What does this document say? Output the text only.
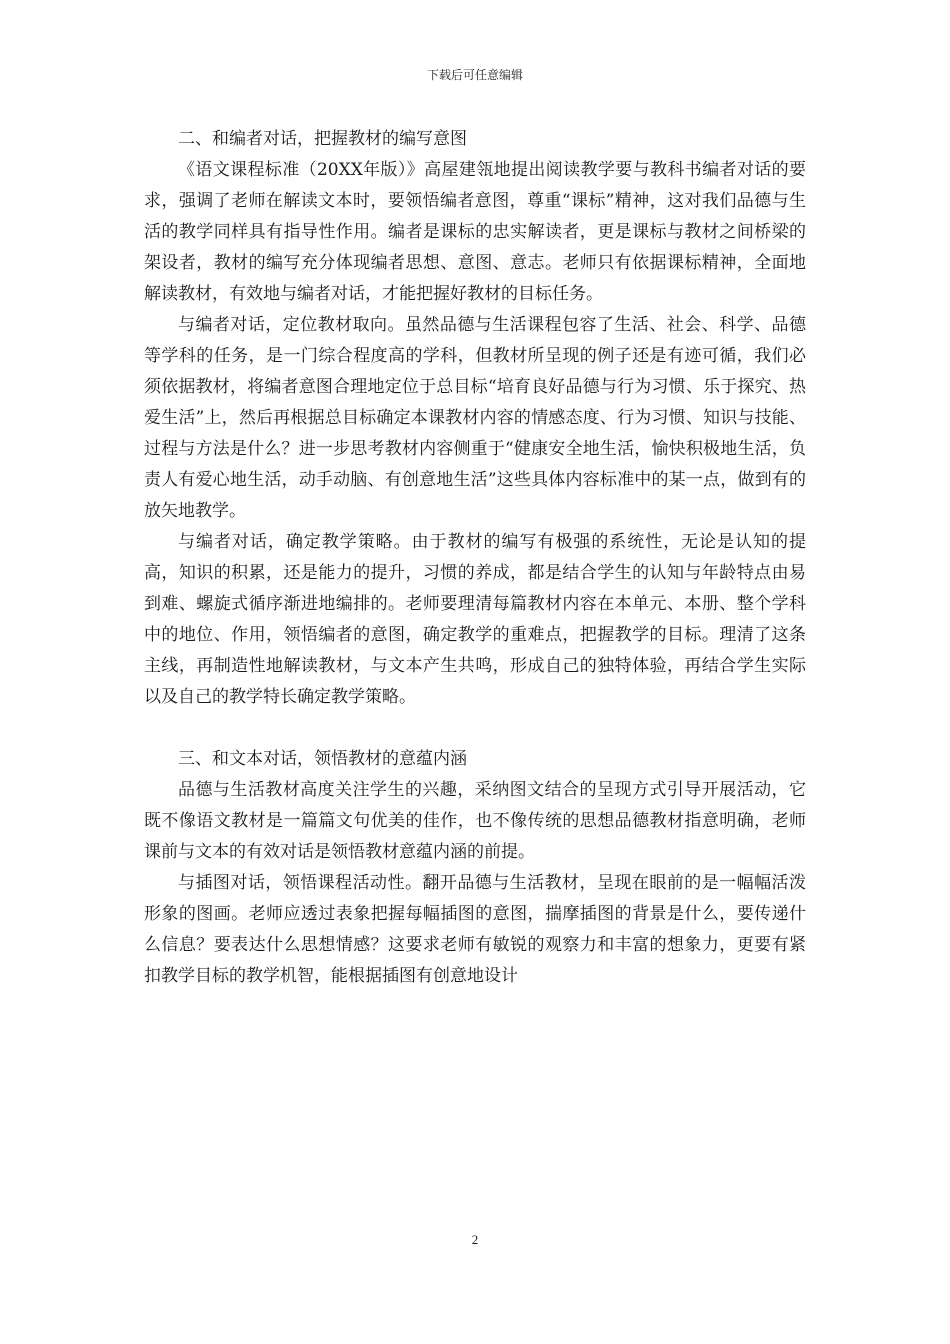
下载后可任意编辑

二、和编者对话，把握教材的编写意图

《语文课程标准（20XX年版）》高屋建瓴地提出阅读教学要与教科书编者对话的要求，强调了老师在解读文本时，要领悟编者意图，尊重“课标”精神，这对我们品德与生活的教学同样具有指导性作用。编者是课标的忠实解读者，更是课标与教材之间桥梁的架设者，教材的编写充分体现编者思想、意图、意志。老师只有依据课标精神，全面地解读教材，有效地与编者对话，才能把握好教材的目标任务。

与编者对话，定位教材取向。虽然品德与生活课程包容了生活、社会、科学、品德等学科的任务，是一门综合程度高的学科，但教材所呈现的例子还是有迹可循，我们必须依据教材，将编者意图合理地定位于总目标“培育良好品德与行为习惯、乐于探究、热爱生活”上，然后再根据总目标确定本课教材内容的情感态度、行为习惯、知识与技能、过程与方法是什么？进一步思考教材内容侧重于“健康安全地生活，愉快积极地生活，负责人有爱心地生活，动手动脑、有创意地生活”这些具体内容标准中的某一点，做到有的放矢地教学。

与编者对话，确定教学策略。由于教材的编写有极强的系统性，无论是认知的提高，知识的积累，还是能力的提升，习惯的养成，都是结合学生的认知与年龄特点由易到难、螺旋式循序渐进地编排的。老师要理清每篇教材内容在本单元、本册、整个学科中的地位、作用，领悟编者的意图，确定教学的重难点，把握教学的目标。理清了这条主线，再制造性地解读教材，与文本产生共鸣，形成自己的独特体验，再结合学生实际以及自己的教学特长确定教学策略。

三、和文本对话，领悟教材的意蕴内涵

品德与生活教材高度关注学生的兴趣，采纳图文结合的呈现方式引导开展活动，它既不像语文教材是一篇篇文句优美的佳作，也不像传统的思想品德教材指意明确，老师课前与文本的有效对话是领悟教材意蕴内涵的前提。

与插图对话，领悟课程活动性。翻开品德与生活教材，呈现在眼前的是一幅幅活泼形象的图画。老师应透过表象把握每幅插图的意图，揣摩插图的背景是什么，要传递什么信息？要表达什么思想情感？这要求老师有敏锐的观察力和丰富的想象力，更要有紧扣教学目标的教学机智，能根据插图有创意地设计

2
